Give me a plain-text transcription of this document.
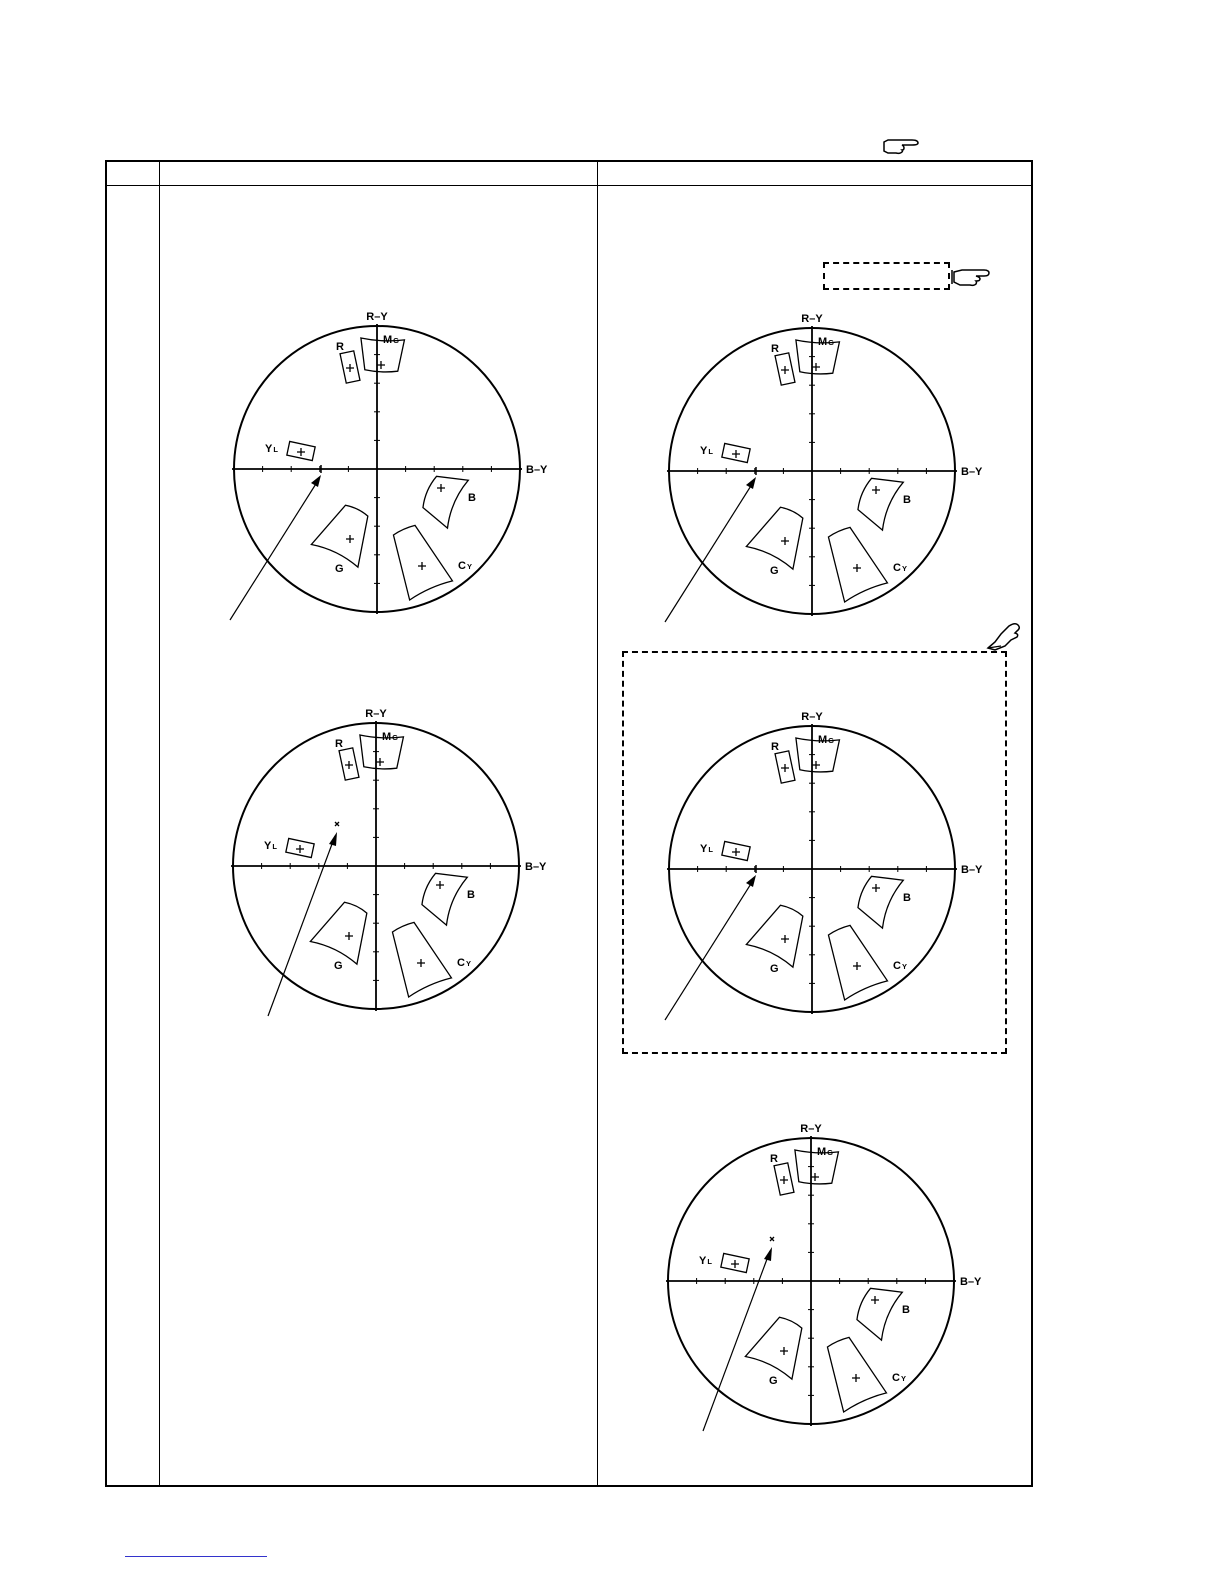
R–Y
B–Y
MG
R
YL
B
CY
G
R–Y
B–Y
MG
R
YL
B
CY
G
R–Y
B–Y
MG
R
YL
B
CY
G
R–Y
B–Y
MG
R
YL
B
CY
G
R–Y
B–Y
MG
R
YL
B
CY
G
